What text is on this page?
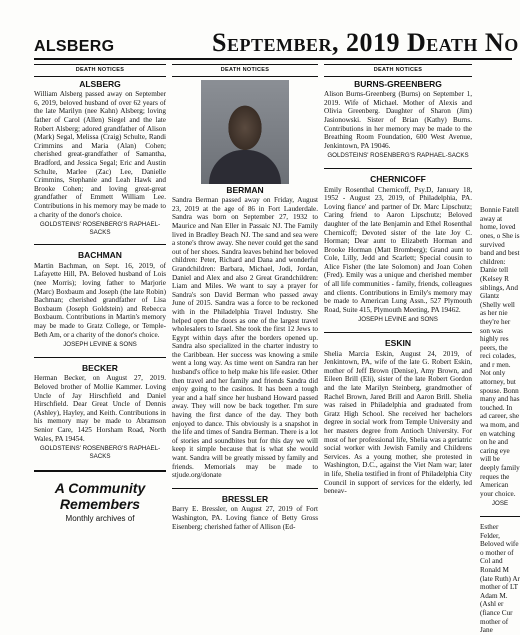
ALSBERG	September, 2019 Death No
DEATH NOTICES
ALSBERG
William Alsberg passed away on September 6, 2019, beloved husband of over 62 years of the late Marilyn (nee Kahn) Alsberg; loving father of Carol (Allen) Siegel and the late Robert Alsberg; adored grandfather of Alison (Mark) Segal, Melissa (Craig) Schulte, Randi Crimmins and Maria (Alan) Cohen; cherished great-grandfather of Samantha, Bradford, and Jessica Segal; Eric and Austin Schulte, Marlee (Zac) Lee, Danielle Crimmins, Stephanie and Leah Hawk and Brooke Cohen; and loving great-great grandfather of Emmett William Lee. Contributions in his memory may be made to a charity of the donor's choice.
GOLDSTEINS' ROSENBERG'S RAPHAEL-SACKS
BACHMAN
Martin Bachman, on Sept. 16, 2019, of Lafayette Hill, PA. Beloved husband of Lois (nee Morris); loving father to Marjorie (Marc) Boxbaum and Joseph (the late Robin) Bachman; cherished grandfather of Lisa Boxbaum (Joseph Goldstein) and Rebecca Boxbaum. Contributions in Martin's memory may be made to Gratz College, or Temple-Beth Am, or a charity of the donor's choice.
JOSEPH LEVINE & SONS
BECKER
Herman Becker, on August 27, 2019. Beloved brother of Mollie Kammer. Loving Uncle of Jay Hirschfield and Daniel Hirschfield. Dear Great Uncle of Dennis (Ashley), Hayley, and Keith. Contributions in his memory may be made to Abramson Senior Care, 1425 Horsham Road, North Wales, PA 19454.
GOLDSTEINS' ROSENBERG'S RAPHAEL-SACKS
A Community Remembers
Monthly archives of
DEATH NOTICES
BERMAN
Sandra Berman passed away on Friday, August 23, 2019 at the age of 86 in Fort Lauderdale. Sandra was born on September 27, 1932 to Maurice and Nan Eller in Passaic NJ. The Family lived in Bradley Beach NJ. The sand and sea were a stone's throw away. She never could get the sand out of her shoes. Sandra leaves behind her beloved children: Peter, Richard and Dana and wonderful Grandchildren: Barbara, Michael, Jodi, Jordan, Daniel and Alex and also 2 Great Grandchildren: Liam and Miles. We want to say a prayer for Sandra's son David Berman who passed away June of 2015. Sandra was a force to be reckoned with in the Philadelphia Travel Industry. She helped open the doors as one of the largest travel wholesalers to Israel. She took the first 12 Jews to Egypt within days after the borders opened up. Sandra also specialized in the charter industry to the Caribbean. Her success was knowing a smile went a long way. As time went on Sandra ran her husband's office to help make his life easier. Other then travel and her family and friends Sandra did enjoy going to the casinos. It has been a tough year and a half since her husband Howard passed away. They will now be back together. I'm sure having the first dance of the day. They both enjoyed to dance. This obviously is a snapshot in the life and times of Sandra Berman. There is a lot of stories and soundbites but for this day we will keep it simple because that is what she would want. Sandra will be greatly missed by family and friends. Memorials may be made to stjude.org/donate
BRESSLER
Barry E. Bressler, on August 27, 2019 of Fort Washington, PA. Loving fiance of Betty Gross Eisenberg; cherished father of Allison (Ed-
DEATH NOTICES
BURNS-GREENBERG
Alison Burns-Greenberg (Burns) on September 1, 2019. Wife of Michael. Mother of Alexis and Olivia Greenberg. Daughter of Sharon (Jim) Jasionowski. Sister of Brian (Kathy) Burns. Contributions in her memory may be made to the Breathing Room Foundation, 600 West Avenue, Jenkintown, PA 19046.
GOLDSTEINS' ROSENBERG'S RAPHAEL-SACKS
CHERNICOFF
Emily Rosenthal Chernicoff, Psy.D, January 18, 1952 - August 23, 2019, of Philadelphia, PA. Loving fiance' and partner of Dr. Marc Lipschutz; Caring friend to Aaron Lipschutz; Beloved daughter of the late Benjamin and Ethel Rosenthal Chernicoff; Devoted sister of the late Joy C. Horman; Dear aunt to Elizabeth Horman and Brooke Horman (Matt Bromberg); Grand aunt to Cole, Lilly, Jedd and Scarlett; Special cousin to Alice Fisher (the late Solomon) and Joan Cohen (Fred). Emily was a unique and cherished member of all life communities - family, friends, colleagues and clients. Contributions in Emily's memory may be made to American Lung Assn., 527 Plymouth Road, Suite 415, Plymouth Meeting, PA 19462.
JOSEPH LEVINE and SONS
ESKIN
Shelia Marcia Eskin, August 24, 2019, of Jenkintown, PA, wife of the late G. Robert Eskin, mother of Jeff Brown (Denise), Amy Brown, and Eileen Brill (Eli), sister of the late Robert Gordon and the late Marilyn Steinberg, grandmother of Rachel Brown, Jared Brill and Aaron Brill. Shelia was raised in Philadelphia and graduated from Gratz High School. She received her bachelors degree in social work from Temple University and her masters degree from Antioch University. For most of her professional life, Shelia was a geriatric social worker with Jewish Family and Childrens Services. As a young mother, she protested in Washington, D.C., against the Viet Nam war; later in life, Shelia testified in front of Philadelphia City Council in support of services for the elderly, led beneav-
Bonnie Fatell away at home, loved ones, o She is survived band and best children: Danie tell (Kelsey R siblings, And Glantz (Shelly well as her nie they're her son was highly res peers, the reci colades, and r men. Not only attorney, but spouse. Bonn many and has touched. In ad career, she wa mom, and en watching on he and caring eye will be deeply family reques the American your choice.
JOSE
Esther Felder, Beloved wife o mother of Col and Ronald M (late Ruth) Ar mother of LT Adam M. (Ashl er (fiance Cur mother of Jane
